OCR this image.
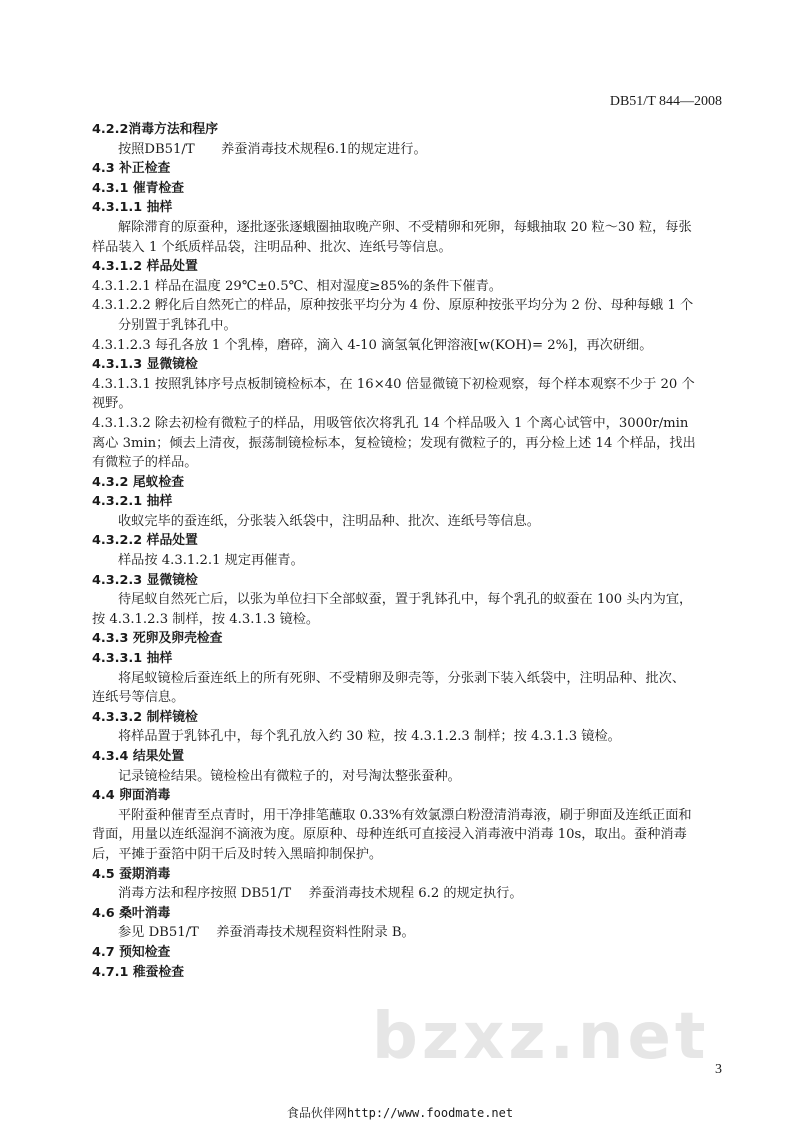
DB51/T 844—2008
bzxz.net
4.2.2消毒方法和程序
按照DB51/T　　养蚕消毒技术规程6.1的规定进行。
4.3 补正检查
4.3.1 催青检查
4.3.1.1 抽样
解除滞育的原蚕种，逐批逐张逐蛾圈抽取晚产卵、不受精卵和死卵，每蛾抽取 20 粒～30 粒，每张
样品装入 1 个纸质样品袋，注明品种、批次、连纸号等信息。
4.3.1.2 样品处置
4.3.1.2.1 样品在温度 29℃±0.5℃、相对湿度≥85%的条件下催青。
4.3.1.2.2 孵化后自然死亡的样品，原种按张平均分为 4 份、原原种按张平均分为 2 份、母种每蛾 1 个
分别置于乳钵孔中。
4.3.1.2.3 每孔各放 1 个乳棒，磨碎，滴入 4-10 滴氢氧化钾溶液[w(KOH)= 2%]，再次研细。
4.3.1.3 显微镜检
4.3.1.3.1 按照乳钵序号点板制镜检标本，在 16×40 倍显微镜下初检观察，每个样本观察不少于 20 个
视野。
4.3.1.3.2 除去初检有微粒子的样品，用吸管依次将乳孔 14 个样品吸入 1 个离心试管中，3000r/min
离心 3min；倾去上清夜，振荡制镜检标本，复检镜检；发现有微粒子的，再分检上述 14 个样品，找出
有微粒子的样品。
4.3.2 尾蚁检查
4.3.2.1 抽样
收蚁完毕的蚕连纸，分张装入纸袋中，注明品种、批次、连纸号等信息。
4.3.2.2 样品处置
样品按 4.3.1.2.1 规定再催青。
4.3.2.3 显微镜检
待尾蚁自然死亡后，以张为单位扫下全部蚁蚕，置于乳钵孔中，每个乳孔的蚁蚕在 100 头内为宜，
按 4.3.1.2.3 制样，按 4.3.1.3 镜检。
4.3.3 死卵及卵壳检查
4.3.3.1 抽样
将尾蚁镜检后蚕连纸上的所有死卵、不受精卵及卵壳等，分张剥下装入纸袋中，注明品种、批次、
连纸号等信息。
4.3.3.2 制样镜检
将样品置于乳钵孔中，每个乳孔放入约 30 粒，按 4.3.1.2.3 制样；按 4.3.1.3 镜检。
4.3.4 结果处置
记录镜检结果。镜检检出有微粒子的，对号淘汰整张蚕种。
4.4 卵面消毒
平附蚕种催青至点青时，用干净排笔蘸取 0.33%有效氯漂白粉澄清消毒液，刷于卵面及连纸正面和
背面，用量以连纸湿润不滴液为度。原原种、母种连纸可直接浸入消毒液中消毒 10s，取出。蚕种消毒
后，平摊于蚕箔中阴干后及时转入黑暗抑制保护。
4.5 蚕期消毒
消毒方法和程序按照 DB51/T　 养蚕消毒技术规程 6.2 的规定执行。
4.6 桑叶消毒
参见 DB51/T　 养蚕消毒技术规程资料性附录 B。
4.7 预知检查
4.7.1 稚蚕检查
3
食品伙伴网http://www.foodmate.net
